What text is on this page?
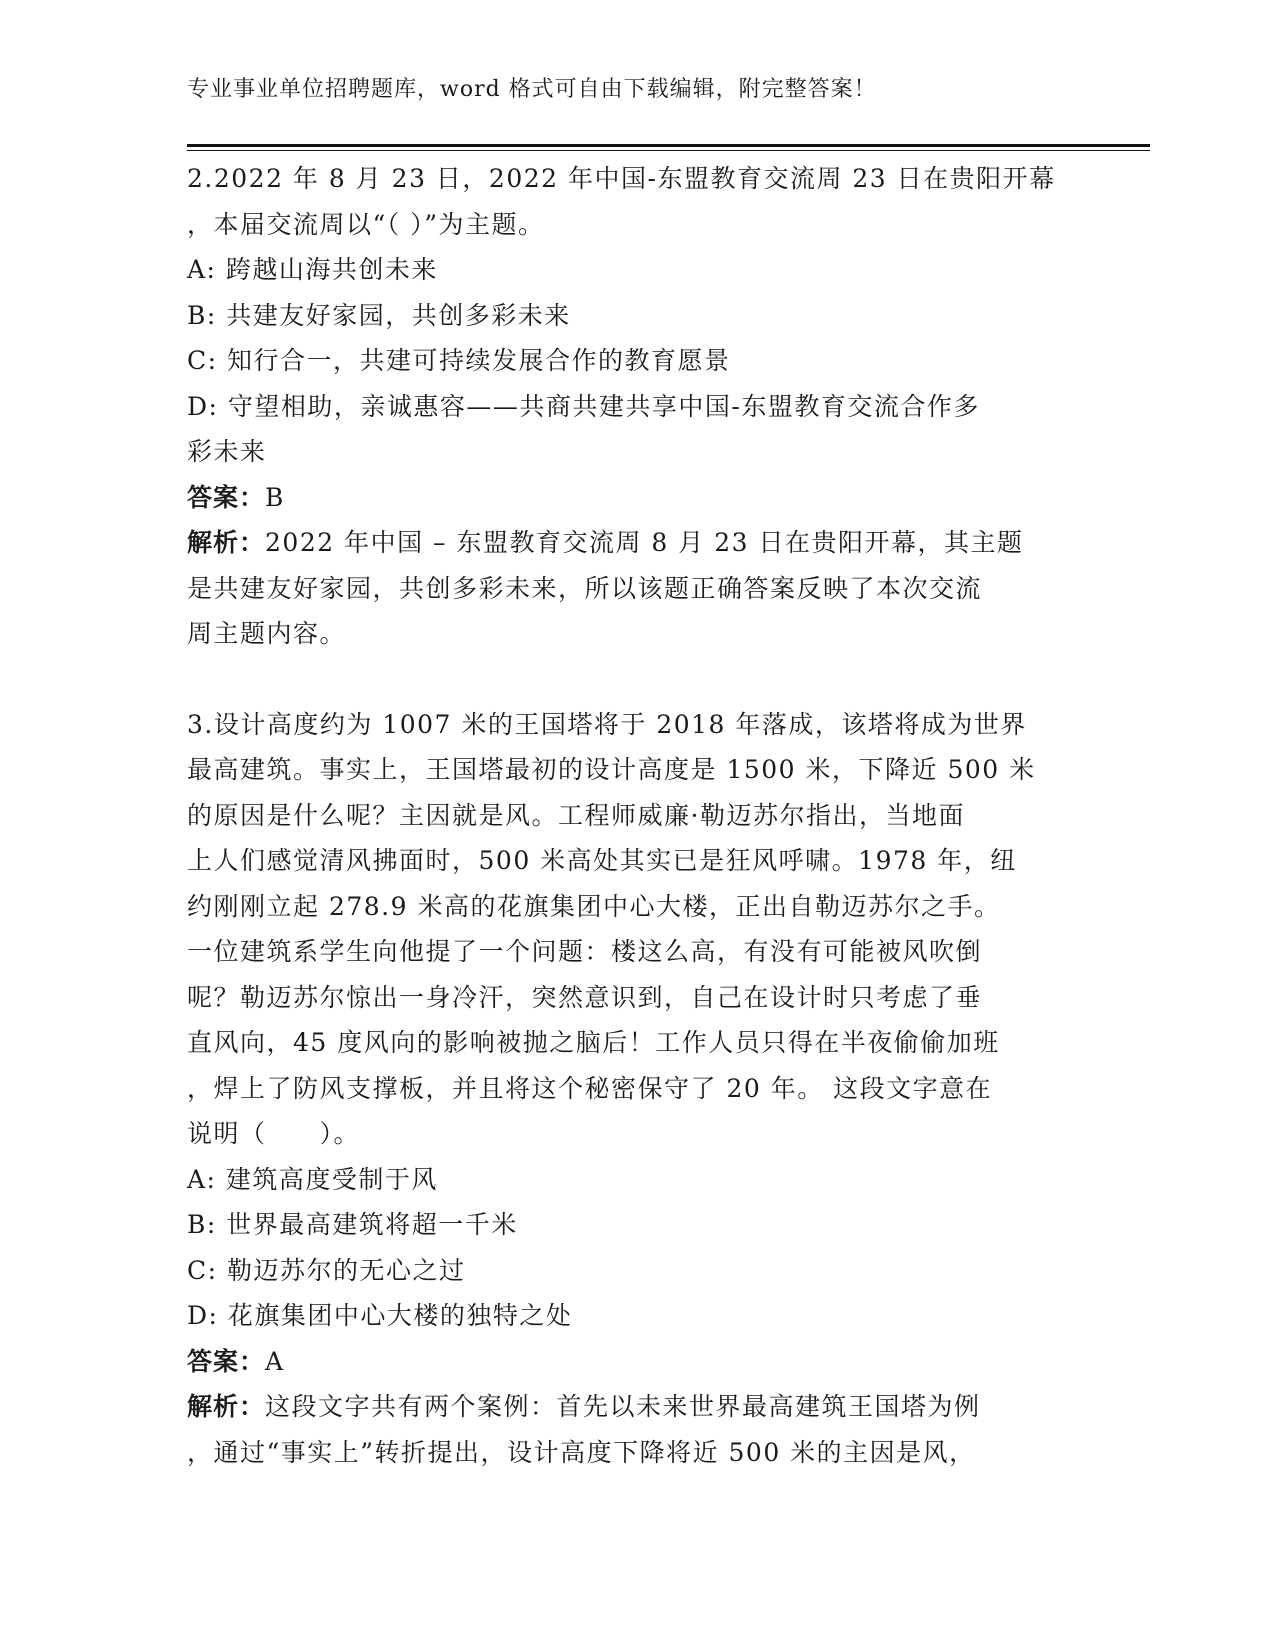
专业事业单位招聘题库，word 格式可自由下载编辑，附完整答案！
2.2022 年 8 月 23 日，2022 年中国-东盟教育交流周 23 日在贵阳开幕
，本届交流周以“（ ）”为主题。
A: 跨越山海共创未来
B: 共建友好家园，共创多彩未来
C: 知行合一，共建可持续发展合作的教育愿景
D: 守望相助，亲诚惠容——共商共建共享中国-东盟教育交流合作多
彩未来
答案：B
解析：2022 年中国 – 东盟教育交流周 8 月 23 日在贵阳开幕，其主题
是共建友好家园，共创多彩未来，所以该题正确答案反映了本次交流
周主题内容。
3.设计高度约为 1007 米的王国塔将于 2018 年落成，该塔将成为世界
最高建筑。事实上，王国塔最初的设计高度是 1500 米，下降近 500 米
的原因是什么呢？主因就是风。工程师威廉·勒迈苏尔指出，当地面
上人们感觉清风拂面时，500 米高处其实已是狂风呼啸。1978 年，纽
约刚刚立起 278.9 米高的花旗集团中心大楼，正出自勒迈苏尔之手。
一位建筑系学生向他提了一个问题：楼这么高，有没有可能被风吹倒
呢？勒迈苏尔惊出一身冷汗，突然意识到，自己在设计时只考虑了垂
直风向，45 度风向的影响被抛之脑后！工作人员只得在半夜偷偷加班
，焊上了防风支撑板，并且将这个秘密保守了 20 年。 这段文字意在
说明（　　）。
A: 建筑高度受制于风
B: 世界最高建筑将超一千米
C: 勒迈苏尔的无心之过
D: 花旗集团中心大楼的独特之处
答案：A
解析：这段文字共有两个案例：首先以未来世界最高建筑王国塔为例
，通过“事实上”转折提出，设计高度下降将近 500 米的主因是风，
